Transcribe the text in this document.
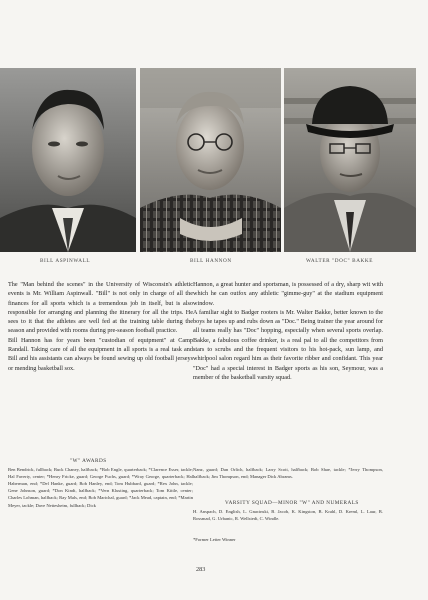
BILL ASPINWALL	BILL HANNON	WALTER "DOC" BAKKE

The "Man behind the scenes" in the University of Wisconsin's athletic events is Mr. William Aspinwall. "Bill" is not only in charge of all the finances for all sports which is a tremendous job in itself, but is also responsible for arranging and planning the itinerary for all the trips. He sees to it that the athletes are well fed at the training table during the season and provided with rooms during pre-season football practice.

Bill Hannon has for years been "custodian of equipment" at Camp Randall. Taking care of all the equipment in all sports is a real task and Bill and his assistants can always be found sewing up old football jerseys or mending basketball sox.

Hannon, a great hunter and sportsman, is possessed of a dry, sharp wit with which he can outfox any athletic "gimme-guy" at the stadium equipment window.

A familiar sight to Badger rooters is Mr. Walter Bakke, better known to the boys he tapes up and rubs down as "Doc." Being trainer the year around for all teams really has "Doc" hopping, especially when several sports overlap. Bakke, a fabulous coffee drinker, is a real pal to all the competitors from stars to scrubs and the frequent visitors to his hot-pack, sun lamp, and whirlpool salon regard him as their favorite ribber and confidant. This year "Doc" had a special interest in Badger sports as his son, Seymour, was a member of the basketball varsity squad.

"W" AWARDS
Ben Bendrick, fullback; Buck Chaney, halfback; *Bob Engle, quarterback; *Clarence Esser, tackle; Hal Faverty, center; *Henry Fricke, guard; George Fuchs, guard; *Wray George, quarterback; Hal Haberman, end; *Del Hanke, guard; Bob Hanley, end; Tom Hubbard, guard; *Rex John, tackle; Gene Johnson, guard; *Don Kindt, halfback; *Vern Klusting, quarterback; Tom Kittle, center; Charles Lohman, halfback; Ray Mals, end; Bob Marichal, guard; *Jack Mead, captain, end; *Martin Meyer, tackle; Dave Nettesheim, fullback; Dick
Nanz, guard; Dan Orlich, halfback; Larry Scott, halfback; Bob Shae, tackle; *Jerry Thompson, halfback; Jim Thompson, end; Manager Dick Abrams.
VARSITY SQUAD—MINOR "W" AND NUMERALS
H. Anspach, D. English, L. Gnacinski, B. Jacob, K. Kingston, B. Krahl, D. Kreml, L. Laur, B. Rossmad, G. Urbanic, R. Wellstedt, C. Windle.
*Former Letter Winner
283
